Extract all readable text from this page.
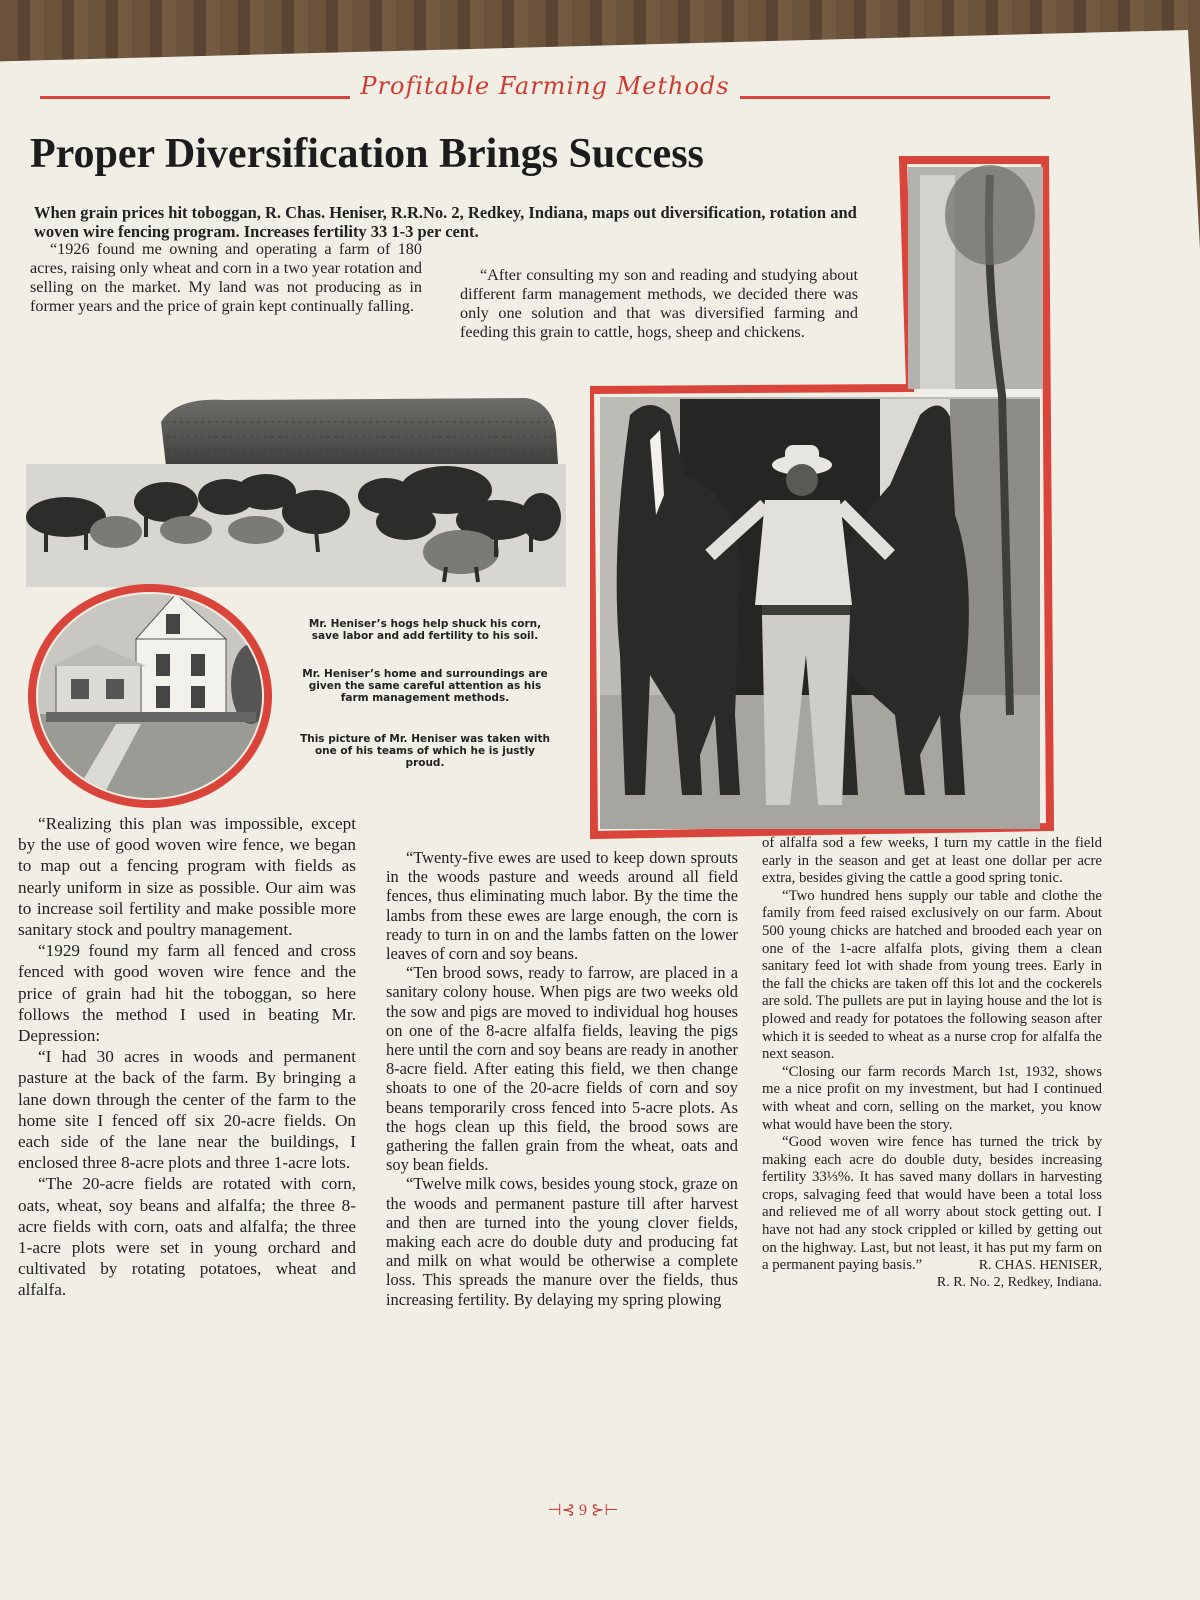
Profitable Farming Methods
Proper Diversification Brings Success
When grain prices hit toboggan, R. Chas. Heniser, R.R.No. 2, Redkey, Indiana, maps out diversification, rotation and woven wire fencing program. Increases fertility 33 1-3 per cent.

“1926 found me owning and operating a farm of 180 acres, raising only wheat and corn in a two year rotation and selling on the market. My land was not producing as in former years and the price of grain kept continually falling.

“After consulting my son and reading and studying about different farm management methods, we decided there was only one solution and that was diversified farming and feeding this grain to cattle, hogs, sheep and chickens.

Mr. Heniser’s hogs help shuck his corn, save labor and add fertility to his soil.
Mr. Heniser’s home and surroundings are given the same careful attention as his farm management methods.
This picture of Mr. Heniser was taken with one of his teams of which he is justly proud.

“Realizing this plan was impossible, except by the use of good woven wire fence, we began to map out a fencing program with fields as nearly uniform in size as possible. Our aim was to increase soil fertility and make possible more sanitary stock and poultry management.

“1929 found my farm all fenced and cross fenced with good woven wire fence and the price of grain had hit the toboggan, so here follows the method I used in beating Mr. Depression:

“I had 30 acres in woods and permanent pasture at the back of the farm. By bringing a lane down through the center of the farm to the home site I fenced off six 20-acre fields. On each side of the lane near the buildings, I enclosed three 8-acre plots and three 1-acre lots.

“The 20-acre fields are rotated with corn, oats, wheat, soy beans and alfalfa; the three 8-acre fields with corn, oats and alfalfa; the three 1-acre plots were set in young orchard and cultivated by rotating potatoes, wheat and alfalfa.

“Twenty-five ewes are used to keep down sprouts in the woods pasture and weeds around all field fences, thus eliminating much labor. By the time the lambs from these ewes are large enough, the corn is ready to turn in on and the lambs fatten on the lower leaves of corn and soy beans.

“Ten brood sows, ready to farrow, are placed in a sanitary colony house. When pigs are two weeks old the sow and pigs are moved to individual hog houses on one of the 8-acre alfalfa fields, leaving the pigs here until the corn and soy beans are ready in another 8-acre field. After eating this field, we then change shoats to one of the 20-acre fields of corn and soy beans temporarily cross fenced into 5-acre plots. As the hogs clean up this field, the brood sows are gathering the fallen grain from the wheat, oats and soy bean fields.

“Twelve milk cows, besides young stock, graze on the woods and permanent pasture till after harvest and then are turned into the young clover fields, making each acre do double duty and producing fat and milk on what would be otherwise a complete loss. This spreads the manure over the fields, thus increasing fertility. By delaying my spring plowing

of alfalfa sod a few weeks, I turn my cattle in the field early in the season and get at least one dollar per acre extra, besides giving the cattle a good spring tonic.

“Two hundred hens supply our table and clothe the family from feed raised exclusively on our farm. About 500 young chicks are hatched and brooded each year on one of the 1-acre alfalfa plots, giving them a clean sanitary feed lot with shade from young trees. Early in the fall the chicks are taken off this lot and the cockerels are sold. The pullets are put in laying house and the lot is plowed and ready for potatoes the following season after which it is seeded to wheat as a nurse crop for alfalfa the next season.

“Closing our farm records March 1st, 1932, shows me a nice profit on my investment, but had I continued with wheat and corn, selling on the market, you know what would have been the story.

“Good woven wire fence has turned the trick by making each acre do double duty, besides increasing fertility 33⅓%. It has saved many dollars in harvesting crops, salvaging feed that would have been a total loss and relieved me of all worry about stock getting out. I have not had any stock crippled or killed by getting out on the highway. Last, but not least, it has put my farm on a permanent paying basis.”	R. CHAS. HENISER,

R. R. No. 2, Redkey, Indiana.

⊣⊰ 9 ⊱⊢
